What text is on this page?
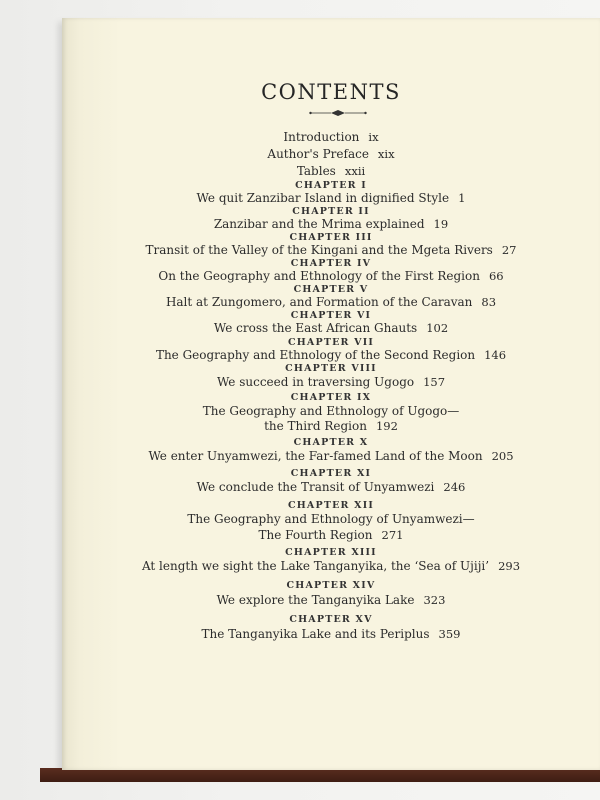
CONTENTS
Introduction ix
Author's Preface xix
Tables xxii
CHAPTER I
We quit Zanzibar Island in dignified Style 1
CHAPTER II
Zanzibar and the Mrima explained 19
CHAPTER III
Transit of the Valley of the Kingani and the Mgeta Rivers 27
CHAPTER IV
On the Geography and Ethnology of the First Region 66
CHAPTER V
Halt at Zungomero, and Formation of the Caravan 83
CHAPTER VI
We cross the East African Ghauts 102
CHAPTER VII
The Geography and Ethnology of the Second Region 146
CHAPTER VIII
We succeed in traversing Ugogo 157
CHAPTER IX
The Geography and Ethnology of Ugogo—
the Third Region 192
CHAPTER X
We enter Unyamwezi, the Far-famed Land of the Moon 205
CHAPTER XI
We conclude the Transit of Unyamwezi 246
CHAPTER XII
The Geography and Ethnology of Unyamwezi—
The Fourth Region 271
CHAPTER XIII
At length we sight the Lake Tanganyika, the ‘Sea of Ujiji’ 293
CHAPTER XIV
We explore the Tanganyika Lake 323
CHAPTER XV
The Tanganyika Lake and its Periplus 359
